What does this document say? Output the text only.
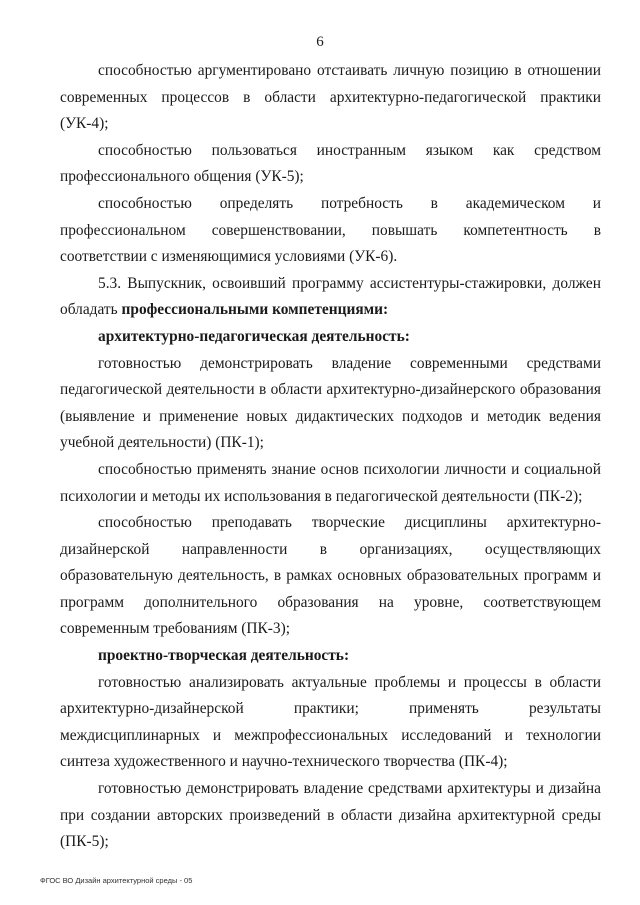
6

способностью аргументировано отстаивать личную позицию в отношении современных процессов в области архитектурно-педагогической практики (УК-4);

способностью пользоваться иностранным языком как средством профессионального общения (УК-5);

способностью определять потребность в академическом и профессиональном совершенствовании, повышать компетентность в соответствии с изменяющимися условиями (УК-6).

5.3. Выпускник, освоивший программу ассистентуры-стажировки, должен обладать профессиональными компетенциями:

архитектурно-педагогическая деятельность:

готовностью демонстрировать владение современными средствами педагогической деятельности в области архитектурно-дизайнерского образования (выявление и применение новых дидактических подходов и методик ведения учебной деятельности) (ПК-1);

способностью применять знание основ психологии личности и социальной психологии и методы их использования в педагогической деятельности (ПК-2);

способностью преподавать творческие дисциплины архитектурно-дизайнерской направленности в организациях, осуществляющих образовательную деятельность, в рамках основных образовательных программ и программ дополнительного образования на уровне, соответствующем современным требованиям (ПК-3);

проектно-творческая деятельность:

готовностью анализировать актуальные проблемы и процессы в области архитектурно-дизайнерской практики; применять результаты междисциплинарных и межпрофессиональных исследований и технологии синтеза художественного и научно-технического творчества (ПК-4);

готовностью демонстрировать владение средствами архитектуры и дизайна при создании авторских произведений в области дизайна архитектурной среды (ПК-5);

ФГОС ВО Дизайн архитектурной среды - 05
